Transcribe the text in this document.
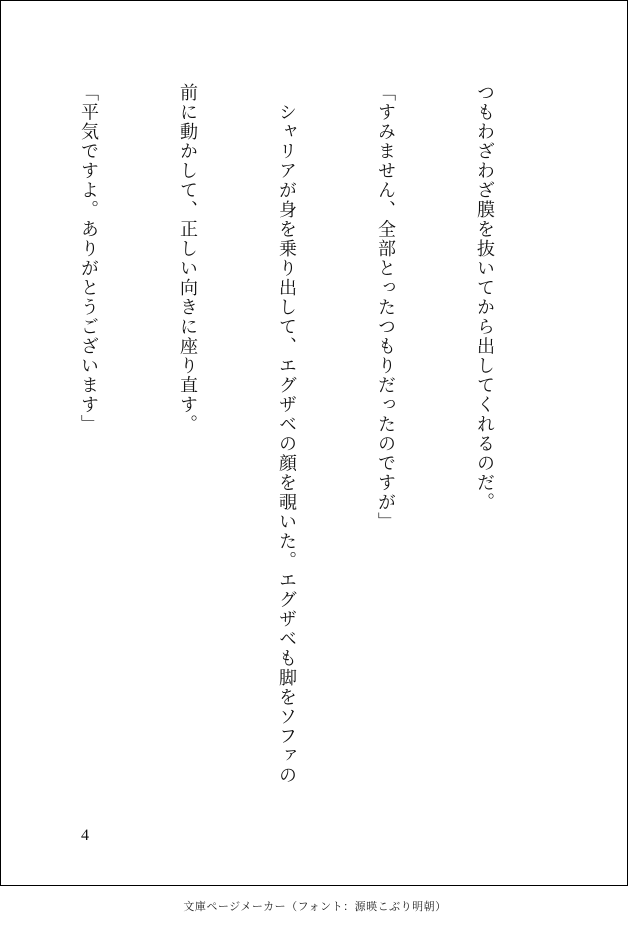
つもわざわざ膜を抜いてから出してくれるのだ。

「すみません、全部とったつもりだったのですが」

　シャリアが身を乗り出して、エグザベの顔を覗いた。エグザベも脚をソファの

前に動かして、正しい向きに座り直す。

「平気ですよ。ありがとうございます」

4
文庫ページメーカー（フォント：源暎こぶり明朝）
